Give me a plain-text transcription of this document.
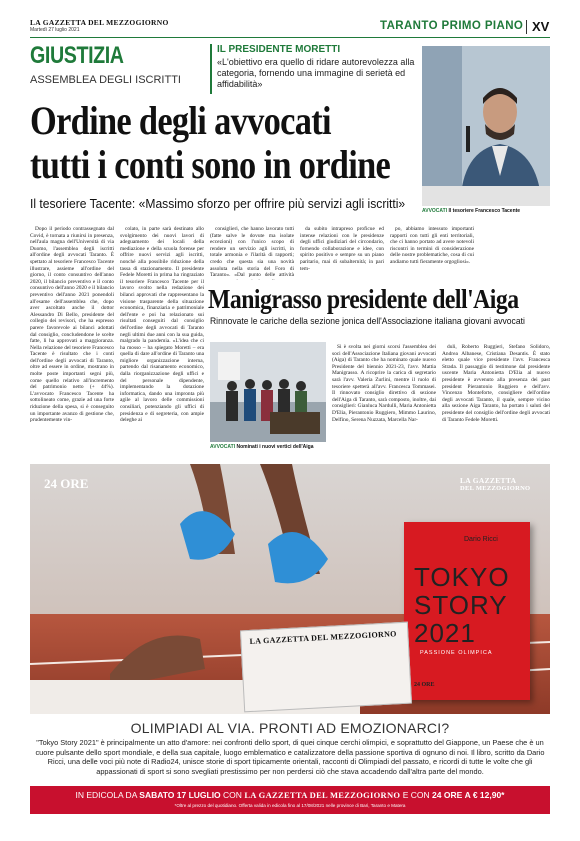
LA GAZZETTA DEL MEZZOGIORNO
Martedì 27 luglio 2021	TARANTO PRIMO PIANO XV
GIUSTIZIA
ASSEMBLEA DEGLI ISCRITTI
IL PRESIDENTE MORETTI
«L'obiettivo era quello di ridare autorevolezza alla categoria, fornendo una immagine di serietà ed affidabilità»
AVVOCATI Il tesoriere Francesco Tacente
Ordine degli avvocati
tutti i conti sono in ordine
Il tesoriere Tacente: «Massimo sforzo per offrire più servizi agli iscritti»

Dopo il periodo contrassegnato dal Covid, è tornata a riunirsi in presenza, nell'aula magna dell'Università di via Duomo, l'assemblea degli iscritti all'ordine degli avvocati Taranto. È spettato al tesoriere Francesco Tacente illustrare, assieme all'ordine del giorno, il conto consuntivo dell'anno 2020, il bilancio preventivo e il conto consuntivo dell'anno 2020 e il bilancio preventivo dell'anno 2021 ponendoli all'esame dell'assemblea che, dopo aver ascoltato anche il dottor Alessandro Di Bello, presidente del collegio dei revisori, che ha espresso parere favorevole ai bilanci adottati dal consiglio, concludendone le scelte fatte, li ha approvati a maggioranza. Nella relazione del tesoriere Francesco Tacente è risultato che i conti dell'ordine degli avvocati di Taranto, oltre ad essere in ordine, mostrano in molte poste importanti segni più, come quello relativo all'incremento del patrimonio netto (+ 44%). L'avvocato Francesco Tacente ha sottolineato come, grazie ad una forte riduzione della spesa, si è conseguito un importante avanzo di gestione che, prudentemente vin-

colato, in parte sarà destinato allo svolgimento dei nuovi lavori di adeguamento dei locali della mediazione e della scuola forense per offrire nuovi servizi agli iscritti, nonché alla possibile riduzione della tassa di stazionamento. Il presidente Fedele Moretti in prima ha ringraziato il tesoriere Francesco Tacente per il lavoro svolto nella redazione dei bilanci approvati che rappresentano la visione trasparente della situazione economica, finanziaria e patrimoniale dell'ente e poi ha relazionato sui risultati conseguiti dal consiglio dell'ordine degli avvocati di Taranto negli ultimi due anni con la sua guida, malgrado la pandemia. «L'idea che ci ha mosso – ha spiegato Moretti – era quella di dare all'ordine di Taranto una migliore organizzazione interna, partendo dal risanamento economico, dalla riorganizzazione degli uffici e del personale dipendente, implementando la dotazione informatica, dando una impronta più agile al lavoro delle commissioni consiliari, potenziando gli uffici di presidenza e di segreteria, con ampie deleghe ai

consiglieri, che hanno lavorato tutti (fatte salve le dovute ma isolate eccezioni) con l'unico scopo di rendere un servizio agli iscritti, in totale armonia e l'ilarità di rapporti; credo che questa sia una novità assoluta nella storia del Foro di Taranto». «Dal punto delle attività

da subito intrapreso proficue ed intense relazioni con le presidenze degli uffici giudiziari del circondario, fornendo collaborazione e idee, con spirito positivo e sempre su un piano paritario, mai di subalternità; in pari tem-

po, abbiamo intessuto importanti rapporti con tutti gli enti territoriali, che ci hanno portato ad avere notevoli riscontri in termini di considerazione delle nostre problematiche, cosa di cui andiamo tutti fieramente orgogliosi».

Manigrasso presidente dell'Aiga
Rinnovate le cariche della sezione jonica dell'Associazione italiana giovani avvocati
AVVOCATI Nominati i nuovi vertici dell'Aiga

Si è svolta nei giorni scorsi l'assemblea dei soci dell'Associazione Italiana giovani avvocati (Aiga) di Taranto che ha nominato quale nuovo Presidente del biennio 2021-23, l'avv. Mattia Manigrasso. A ricoprire la carica di segretario sarà l'avv. Valeria Zurlini, mentre il ruolo di tesoriere spetterà all'avv. Francesca Tommasei. Il rinnovato consiglio direttivo di sezione dell'Aiga di Taranto, sarà composto, inoltre, dai consiglieri: Gianluca Nardulli, Maria Antonietta D'Elia, Pierantonio Ruggiero, Mimmo Laurino, Delfino, Serena Nuzzata, Marcella Nar-

duli, Roberto Ruggieri, Stefano Solidoro, Andrea Albanese, Cristiana Desantis. È stato eletto quale vice presidente l'avv. Francesca Strada. Il passaggio di testimone dal presidente uscente Maria Antonietta D'Elia al nuovo presidente è avvenuto alla presenza dei past president Pierantonio Ruggiero e dell'avv. Vincenzo Montefortе, consigliere dell'ordine degli avvocati Taranto, il quale, sempre vicino alla sezione Aiga Taranto, ha portato i saluti del presidente del consiglio dell'ordine degli avvocati di Taranto Fedele Moretti.

24 ORE	LA GAZZETTA
DEL MEZZOGIORNO
Dario Ricci
TOKYO
STORY
2021
PASSIONE OLIMPICA
24 ORE
LA GAZZETTA DEL MEZZOGIORNO
OLIMPIADI AL VIA. PRONTI AD EMOZIONARCI?
"Tokyo Story 2021" è principalmente un atto d'amore: nei confronti dello sport, di quei cinque cerchi olimpici, e soprattutto del Giappone, un Paese che è un cuore pulsante dello sport mondiale, e della sua capitale, luogo emblematico e catalizzatore della passione sportiva di ognuno di noi. Il libro, scritto da Dario Ricci, una delle voci più note di Radio24, unisce storie di sport tipicamente orientali, racconti di Olimpiadi del passato, e ricordi di tutte le volte che gli appassionati di sport si sono svegliati prestissimo per non perdersi ciò che stava accadendo dall'altra parte del mondo.
IN EDICOLA DA SABATO 17 LUGLIO CON LA GAZZETTA DEL MEZZOGIORNO E CON 24 ORE A € 12,90*
*Oltre al prezzo del quotidiano. Offerta valida in edicola fino al 17/08/2021 nelle province di Bari, Taranto e Matera
